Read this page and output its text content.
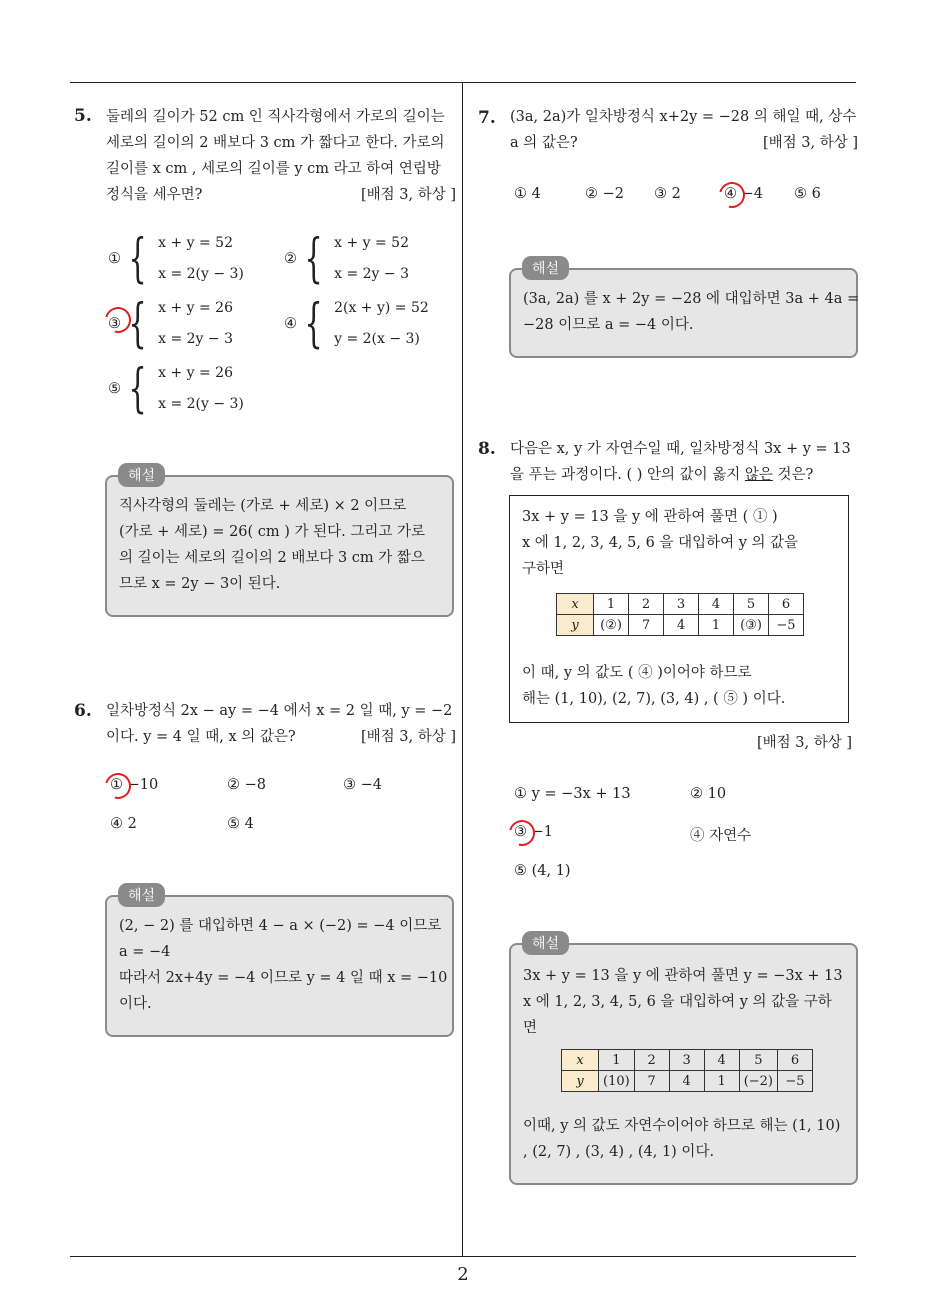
2
5. 둘레의 길이가 52 cm 인 직사각형에서 가로의 길이는
세로의 길이의 2 배보다 3 cm 가 짧다고 한다. 가로의
길이를 x cm , 세로의 길이를 y cm 라고 하여 연립방
정식을 세우면?	[배점 3, 하상 ]
① { x + y = 52
x = 2(y − 3)
② { x + y = 52
x = 2y − 3
③ { x + y = 26
x = 2y − 3
④ { 2(x + y) = 52
y = 2(x − 3)
⑤ { x + y = 26
x = 2(y − 3)
직사각형의 둘레는 (가로 + 세로) × 2 이므로
(가로 + 세로) = 26( cm ) 가 된다. 그리고 가로
의 길이는 세로의 길이의 2 배보다 3 cm 가 짧으
므로 x = 2y − 3이 된다.
해설
6. 일차방정식 2x − ay = −4 에서 x = 2 일 때, y = −2
이다. y = 4 일 때, x 의 값은?	[배점 3, 하상 ]
① −10	② −8	③ −4
④ 2	⑤ 4
(2, − 2) 를 대입하면 4 − a × (−2) = −4 이므로
a = −4
따라서 2x+4y = −4 이므로 y = 4 일 때 x = −10
이다.
해설
7. (3a, 2a)가 일차방정식 x+2y = −28 의 해일 때, 상수
a 의 값은?	[배점 3, 하상 ]
① 4	② −2 ③ 2	④ −4 ⑤ 6
(3a, 2a) 를 x + 2y = −28 에 대입하면 3a + 4a =
−28 이므로 a = −4 이다.
해설
8. 다음은 x, y 가 자연수일 때, 일차방정식 3x + y = 13
을 푸는 과정이다. ( ) 안의 값이 옳지 않은 것은?
3x + y = 13 을 y 에 관하여 풀면 ( ① )
x 에 1, 2, 3, 4, 5, 6 을 대입하여 y 의 값을
구하면
x	1	2	3	4	5	6
y	(②)	7	4	1	(③)	−5
이 때, y 의 값도 ( ④ )이어야 하므로
해는 (1, 10), (2, 7), (3, 4) , ( ⑤ ) 이다.
[배점 3, 하상 ]
① y = −3x + 13	② 10
③ −1	④ 자연수
⑤ (4, 1)
3x + y = 13 을 y 에 관하여 풀면 y = −3x + 13
x 에 1, 2, 3, 4, 5, 6 을 대입하여 y 의 값을 구하
면
x	1	2	3	4	5	6
y	(10)	7	4	1	(−2)	−5
이때, y 의 값도 자연수이어야 하므로 해는 (1, 10)
, (2, 7) , (3, 4) , (4, 1) 이다.
해설
